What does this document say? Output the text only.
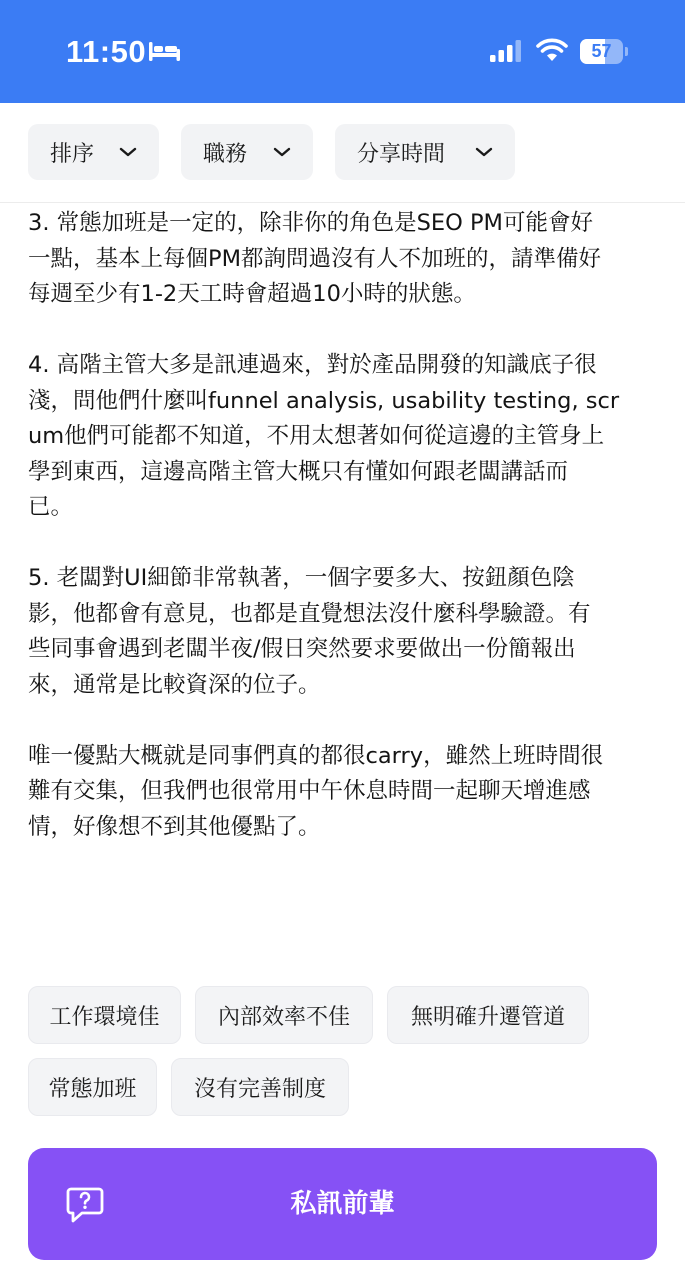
11:50	57
排序	職務	分享時間

3. 常態加班是一定的，除非你的角色是SEO PM可能會好
一點，基本上每個PM都詢問過沒有人不加班的，請準備好
每週至少有1-2天工時會超過10小時的狀態。

4. 高階主管大多是訊連過來，對於產品開發的知識底子很
淺，問他們什麼叫funnel analysis, usability testing, scr
um他們可能都不知道，不用太想著如何從這邊的主管身上
學到東西，這邊高階主管大概只有懂如何跟老闆講話而
已。

5. 老闆對UI細節非常執著，一個字要多大、按鈕顏色陰
影，他都會有意見，也都是直覺想法沒什麼科學驗證。有
些同事會遇到老闆半夜/假日突然要求要做出一份簡報出
來，通常是比較資深的位子。

唯一優點大概就是同事們真的都很carry，雖然上班時間很
難有交集，但我們也很常用中午休息時間一起聊天增進感
情，好像想不到其他優點了。

工作環境佳	內部效率不佳	無明確升遷管道
常態加班	沒有完善制度
私訊前輩
